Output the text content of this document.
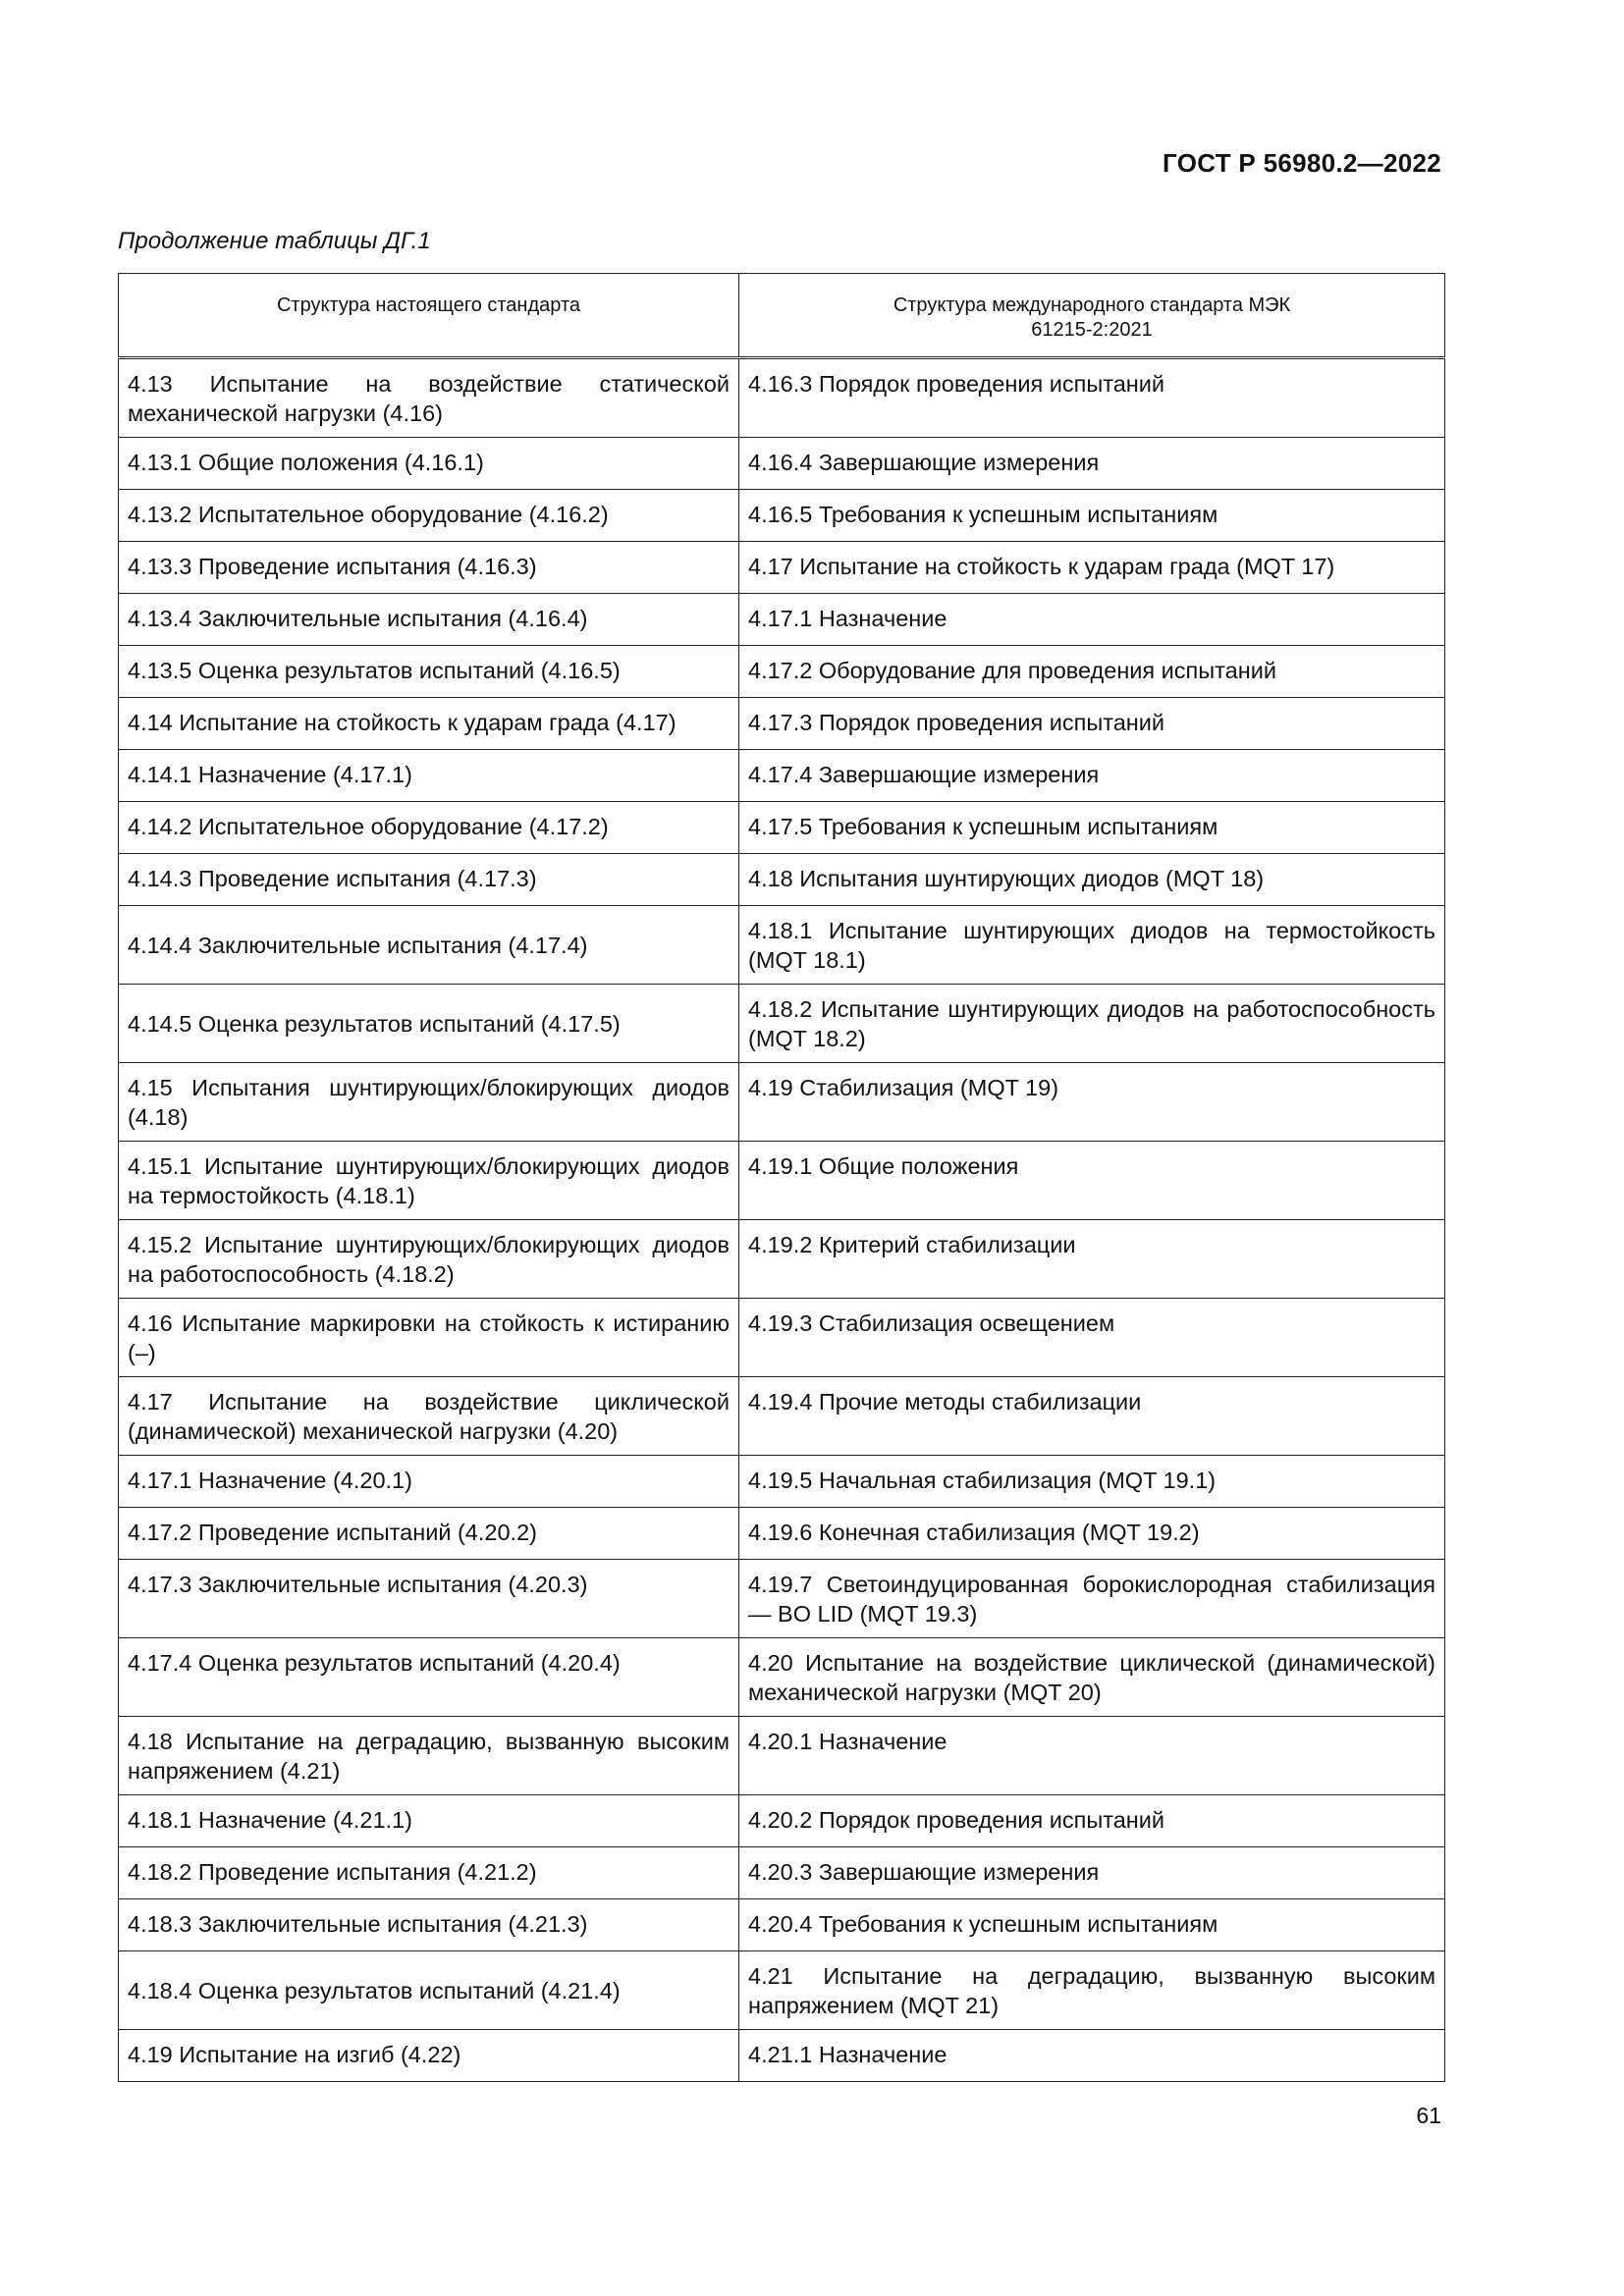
ГОСТ Р 56980.2—2022
Продолжение таблицы ДГ.1
Структура настоящего стандарта	Структура международного стандарта МЭК 61215-2:2021
4.13 Испытание на воздействие статической механической нагрузки (4.16)	4.16.3 Порядок проведения испытаний
4.13.1 Общие положения (4.16.1)	4.16.4 Завершающие измерения
4.13.2 Испытательное оборудование (4.16.2)	4.16.5 Требования к успешным испытаниям
4.13.3 Проведение испытания (4.16.3)	4.17 Испытание на стойкость к ударам града (MQT 17)
4.13.4 Заключительные испытания (4.16.4)	4.17.1 Назначение
4.13.5 Оценка результатов испытаний (4.16.5)	4.17.2 Оборудование для проведения испытаний
4.14 Испытание на стойкость к ударам града (4.17)	4.17.3 Порядок проведения испытаний
4.14.1 Назначение (4.17.1)	4.17.4 Завершающие измерения
4.14.2 Испытательное оборудование (4.17.2)	4.17.5 Требования к успешным испытаниям
4.14.3 Проведение испытания (4.17.3)	4.18 Испытания шунтирующих диодов (MQT 18)
4.14.4 Заключительные испытания (4.17.4)	4.18.1 Испытание шунтирующих диодов на термостойкость (MQT 18.1)
4.14.5 Оценка результатов испытаний (4.17.5)	4.18.2 Испытание шунтирующих диодов на работоспособность (MQT 18.2)
4.15 Испытания шунтирующих/блокирующих диодов (4.18)	4.19 Стабилизация (MQT 19)
4.15.1 Испытание шунтирующих/блокирующих диодов на термостойкость (4.18.1)	4.19.1 Общие положения
4.15.2 Испытание шунтирующих/блокирующих диодов на работоспособность (4.18.2)	4.19.2 Критерий стабилизации
4.16 Испытание маркировки на стойкость к истиранию (–)	4.19.3 Стабилизация освещением
4.17 Испытание на воздействие циклической (динамической) механической нагрузки (4.20)	4.19.4 Прочие методы стабилизации
4.17.1 Назначение (4.20.1)	4.19.5 Начальная стабилизация (MQT 19.1)
4.17.2 Проведение испытаний (4.20.2)	4.19.6 Конечная стабилизация (MQT 19.2)
4.17.3 Заключительные испытания (4.20.3)	4.19.7 Светоиндуцированная борокислородная стабилизация — BO LID (MQT 19.3)
4.17.4 Оценка результатов испытаний (4.20.4)	4.20 Испытание на воздействие циклической (динамической) механической нагрузки (MQT 20)
4.18 Испытание на деградацию, вызванную высоким напряжением (4.21)	4.20.1 Назначение
4.18.1 Назначение (4.21.1)	4.20.2 Порядок проведения испытаний
4.18.2 Проведение испытания (4.21.2)	4.20.3 Завершающие измерения
4.18.3 Заключительные испытания (4.21.3)	4.20.4 Требования к успешным испытаниям
4.18.4 Оценка результатов испытаний (4.21.4)	4.21 Испытание на деградацию, вызванную высоким напряжением (MQT 21)
4.19 Испытание на изгиб (4.22)	4.21.1 Назначение
61
